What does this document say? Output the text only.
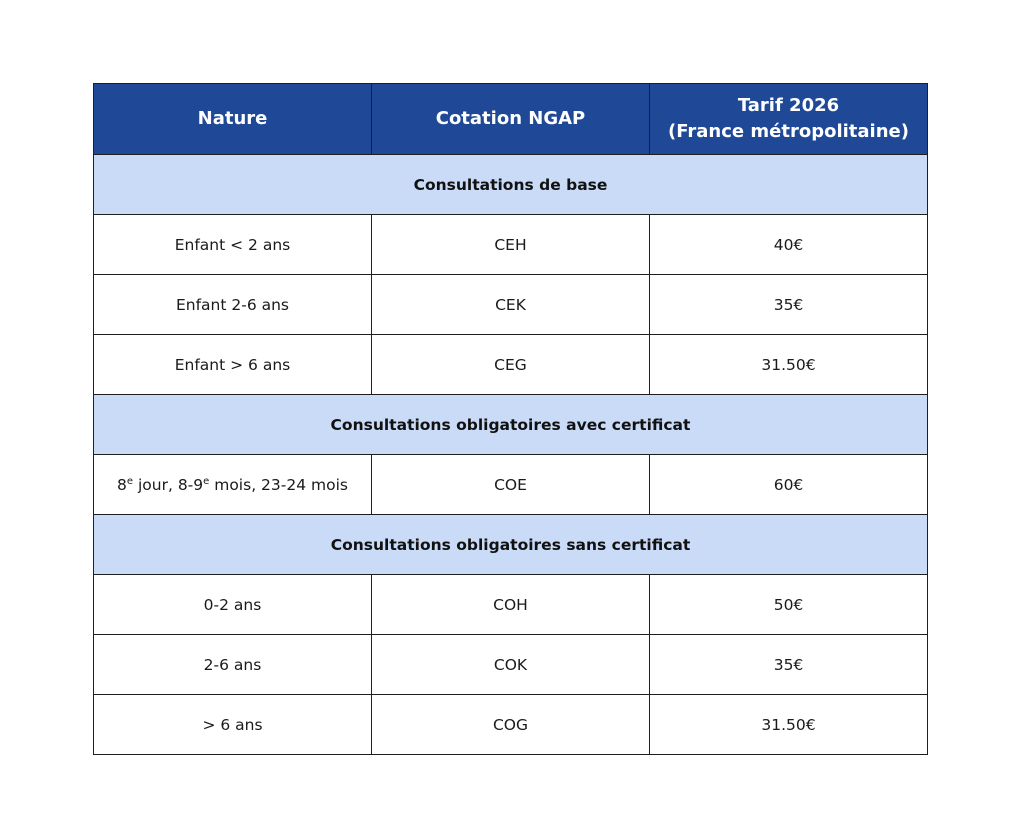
Nature	Cotation NGAP	Tarif 2026
(France métropolitaine)

Consultations de base		
Enfant < 2 ans	CEH	40€
Enfant 2-6 ans	CEK	35€
Enfant > 6 ans	CEG	31.50€
Consultations obligatoires avec certificat		
8e jour, 8-9e mois, 23-24 mois	COE	60€
Consultations obligatoires sans certificat		
0-2 ans	COH	50€
2-6 ans	COK	35€
> 6 ans	COG	31.50€
